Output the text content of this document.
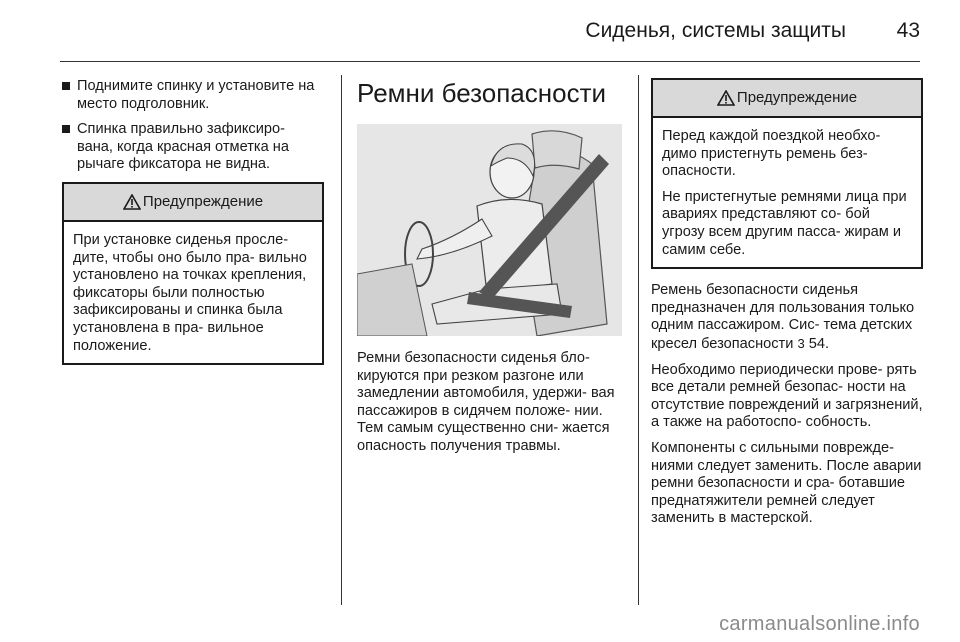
Сиденья, системы защиты 43
Поднимите спинку и установите на место подголовник.
Спинка правильно зафиксиро- вана, когда красная отметка на рычаге фиксатора не видна.
Предупреждение

При установке сиденья просле- дите, чтобы оно было пра- вильно установлено на точках крепления, фиксаторы были полностью зафиксированы и спинка была установлена в пра- вильное положение.

Ремни безопасности

Ремни безопасности сиденья бло- кируются при резком разгоне или замедлении автомобиля, удержи- вая пассажиров в сидячем положе- нии. Тем самым существенно сни- жается опасность получения травмы.

Предупреждение

Перед каждой поездкой необхо- димо пристегнуть ремень без- опасности.

Не пристегнутые ремнями лица при авариях представляют со- бой угрозу всем другим пасса- жирам и самим себе.

Ремень безопасности сиденья предназначен для пользования только одним пассажиром. Сис- тема детских кресел безопасности 3 54.

Необходимо периодически прове- рять все детали ремней безопас- ности на отсутствие повреждений и загрязнений, а также на работоспо- собность.

Компоненты с сильными поврежде- ниями следует заменить. После аварии ремни безопасности и сра- ботавшие преднатяжители ремней следует заменить в мастерской.

carmanualsonline.info
